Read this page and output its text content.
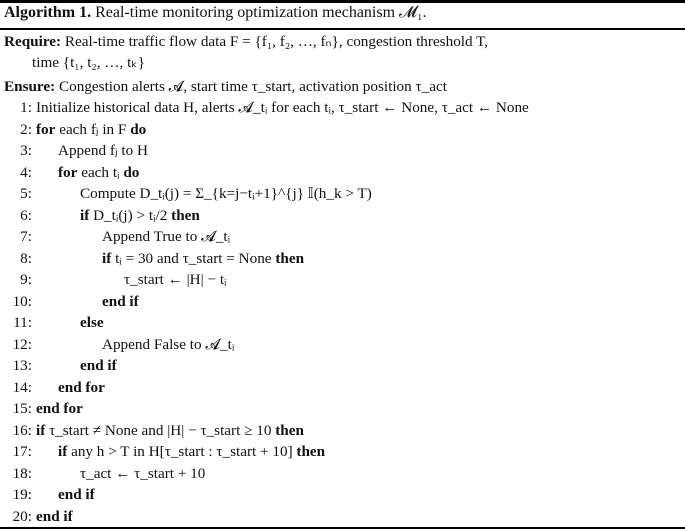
Algorithm 1. Real-time monitoring optimization mechanism 𝓜₁.
Require: Real-time traffic flow data F = {f₁, f₂, …, fₙ}, congestion threshold T,
time {t₁, t₂, …, tₖ}
Ensure: Congestion alerts 𝓐, start time τ_start, activation position τ_act
1: Initialize historical data H, alerts 𝓐_tᵢ for each tᵢ, τ_start ← None, τ_act ← None
2: for each fⱼ in F do
3: Append fⱼ to H
4: for each tᵢ do
5:	Compute D_tᵢ(j) = Σ_{k=j−tᵢ+1}^{j} 𝕀(h_k > T)
6:	if D_tᵢ(j) > tᵢ/2 then
7:	Append True to 𝓐_tᵢ
8:	if tᵢ = 30 and τ_start = None then
9:	τ_start ← |H| − tᵢ
10:	end if
11:	else
12:	Append False to 𝓐_tᵢ
13:	end if
14: end for
15: end for
16: if τ_start ≠ None and |H| − τ_start ≥ 10 then
17: if any h > T in H[τ_start : τ_start + 10] then
18:	τ_act ← τ_start + 10
19: end if
20: end if
